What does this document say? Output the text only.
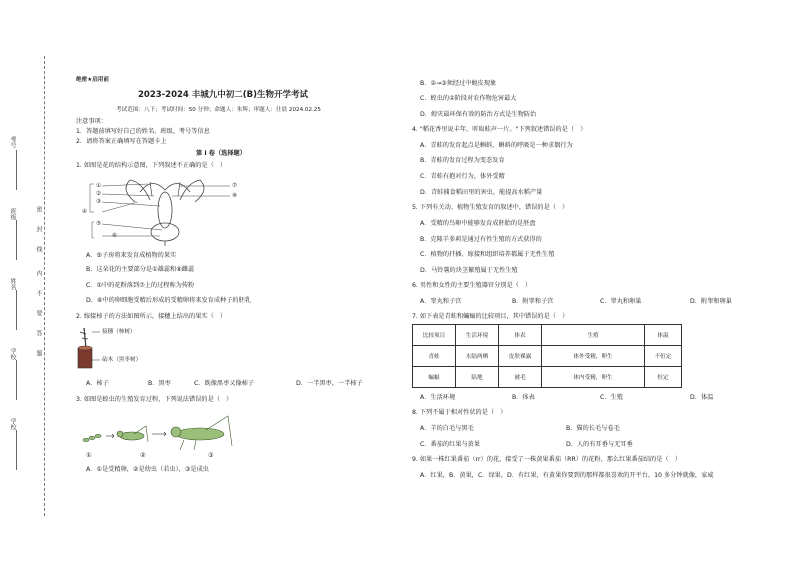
考号
班级
姓名
学校
学校
密
封
线
内
不
要
答
题
绝密★启用前
2023-2024 丰城九中初二(B)生物开学考试
考试范围：八下；考试时间：50 分钟；命题人：朱辉；审题人：仕晨 2024.02.25
注意事项：
1．答题前填写好自己的姓名、班级、考号等信息
2．请将答案正确填写在答题卡上
第 I 卷（选择题）
1. 如图是花的结构示意图，下列叙述不正确的是（　）
①
②
③
④
⑤
⑥
⑦
⑧
A．⑤子房将来发育成植物的果实
B．这朵花的主要部分是①雄蕊和⑧雌蕊
C．①中的花粉落到⑦上的过程称为传粉
D．⑥中的卵细胞受精后形成的受精卵将来发育成种子的胚乳
2. 嫁接柿子的方法如图所示，接穗上结出的果实（　）
接穗（柿树）
砧木（黑枣树）
A．柿子	B．黑枣	C．既像黑枣又像柿子	D．一半黑枣，一半柿子
3. 如图是蝗虫的生殖发育过程，下列说法错误的是（　）
①	②	③
A．①是受精卵，②是幼虫（若虫），③是成虫
B．②→③须经过中蜕皮现象
C．蝗虫的②阶段对农作物危害最大
D．蝗灾最环保有效的防治方式是生物防治
4. "稻花香里说丰年，听取蛙声一片。"下列叙述错误的是（　）
A．青蛙的发育起点是蝌蚪，蝌蚪的呼吸是一种求偶行为
B．青蛙的发育过程为变态发育
C．青蛙有抱对行为，体外受精
D．青蛙捕食稻田里的害虫，能提高水稻产量
5. 下列有关动、植物生殖发育的叙述中，错误的是（　）
A．受精的鸟卵中能够发育成胚胎的是胚盘
B．克隆羊多莉是通过有性生殖的方式获得的
C．植物的扦插、嫁接和组织培养都属于无性生殖
D．马铃薯的块茎繁殖属于无性生殖
6. 男性和女性的主要生殖器官分别是（　）
A．睾丸和子宫	B．附睾和子宫	C．睾丸和卵巢	D．附睾和卵巢
7. 如下表是青蛙和蝙蝠的比较项目，其中错误的是（　）
比较项目	生活环境	体表	生殖	体温
青蛙	水陆两栖	皮肤裸露	体外受精，卵生	不恒定
蝙蝠	陆地	被毛	体内受精，卵生	恒定
A．生活环境	B．体表	C．生殖	D．体温
8. 下列不属于相对性状的是（　）
A．羊的白毛与黑毛	B．猫的长毛与卷毛
C．番茄的红果与黄果	D．人的有耳垂与无耳垂
9. 如果一株红果番茄（rr）的花，接受了一株黄果番茄（RR）的花粉，那么红果番茄结的是（　）
A．红果，B．黄果，C．绿果，D．有红果，有黄果你要到的那样都很喜欢的开平台，10 多分钟就像，家威
